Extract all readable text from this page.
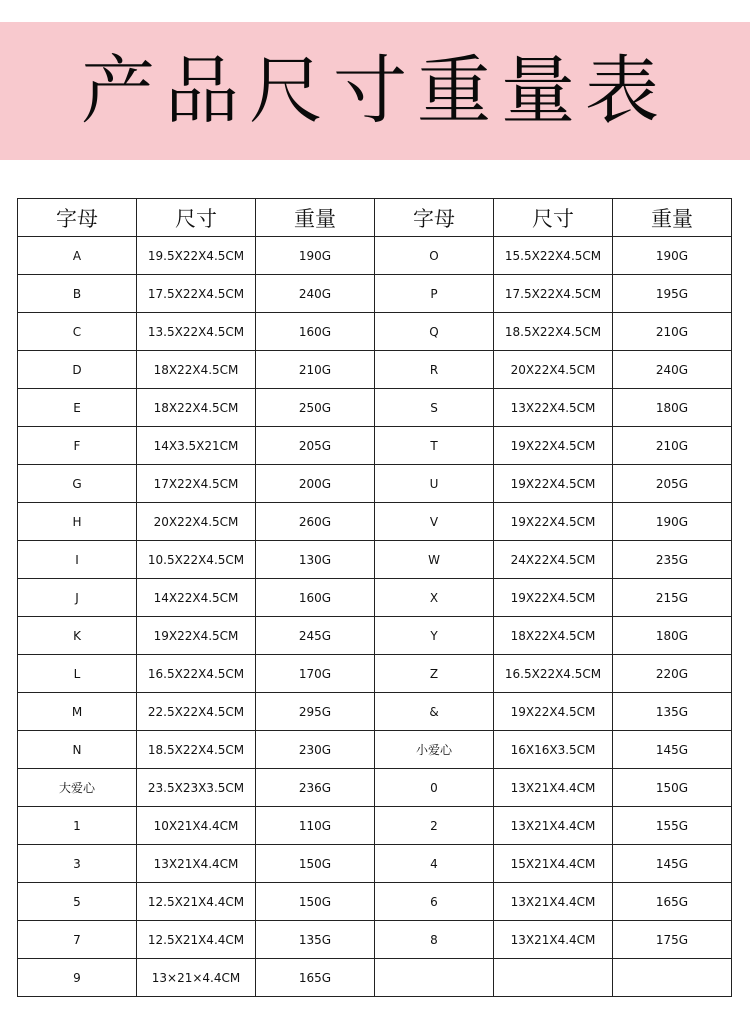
产品尺寸重量表
字母	尺寸	重量	字母	尺寸	重量
A	19.5X22X4.5CM	190G	O	15.5X22X4.5CM	190G
B	17.5X22X4.5CM	240G	P	17.5X22X4.5CM	195G
C	13.5X22X4.5CM	160G	Q	18.5X22X4.5CM	210G
D	18X22X4.5CM	210G	R	20X22X4.5CM	240G
E	18X22X4.5CM	250G	S	13X22X4.5CM	180G
F	14X3.5X21CM	205G	T	19X22X4.5CM	210G
G	17X22X4.5CM	200G	U	19X22X4.5CM	205G
H	20X22X4.5CM	260G	V	19X22X4.5CM	190G
I	10.5X22X4.5CM	130G	W	24X22X4.5CM	235G
J	14X22X4.5CM	160G	X	19X22X4.5CM	215G
K	19X22X4.5CM	245G	Y	18X22X4.5CM	180G
L	16.5X22X4.5CM	170G	Z	16.5X22X4.5CM	220G
M	22.5X22X4.5CM	295G	&	19X22X4.5CM	135G
N	18.5X22X4.5CM	230G	小爱心	16X16X3.5CM	145G
大爱心	23.5X23X3.5CM	236G	0	13X21X4.4CM	150G
1	10X21X4.4CM	110G	2	13X21X4.4CM	155G
3	13X21X4.4CM	150G	4	15X21X4.4CM	145G
5	12.5X21X4.4CM	150G	6	13X21X4.4CM	165G
7	12.5X21X4.4CM	135G	8	13X21X4.4CM	175G
9	13×21×4.4CM	165G			
